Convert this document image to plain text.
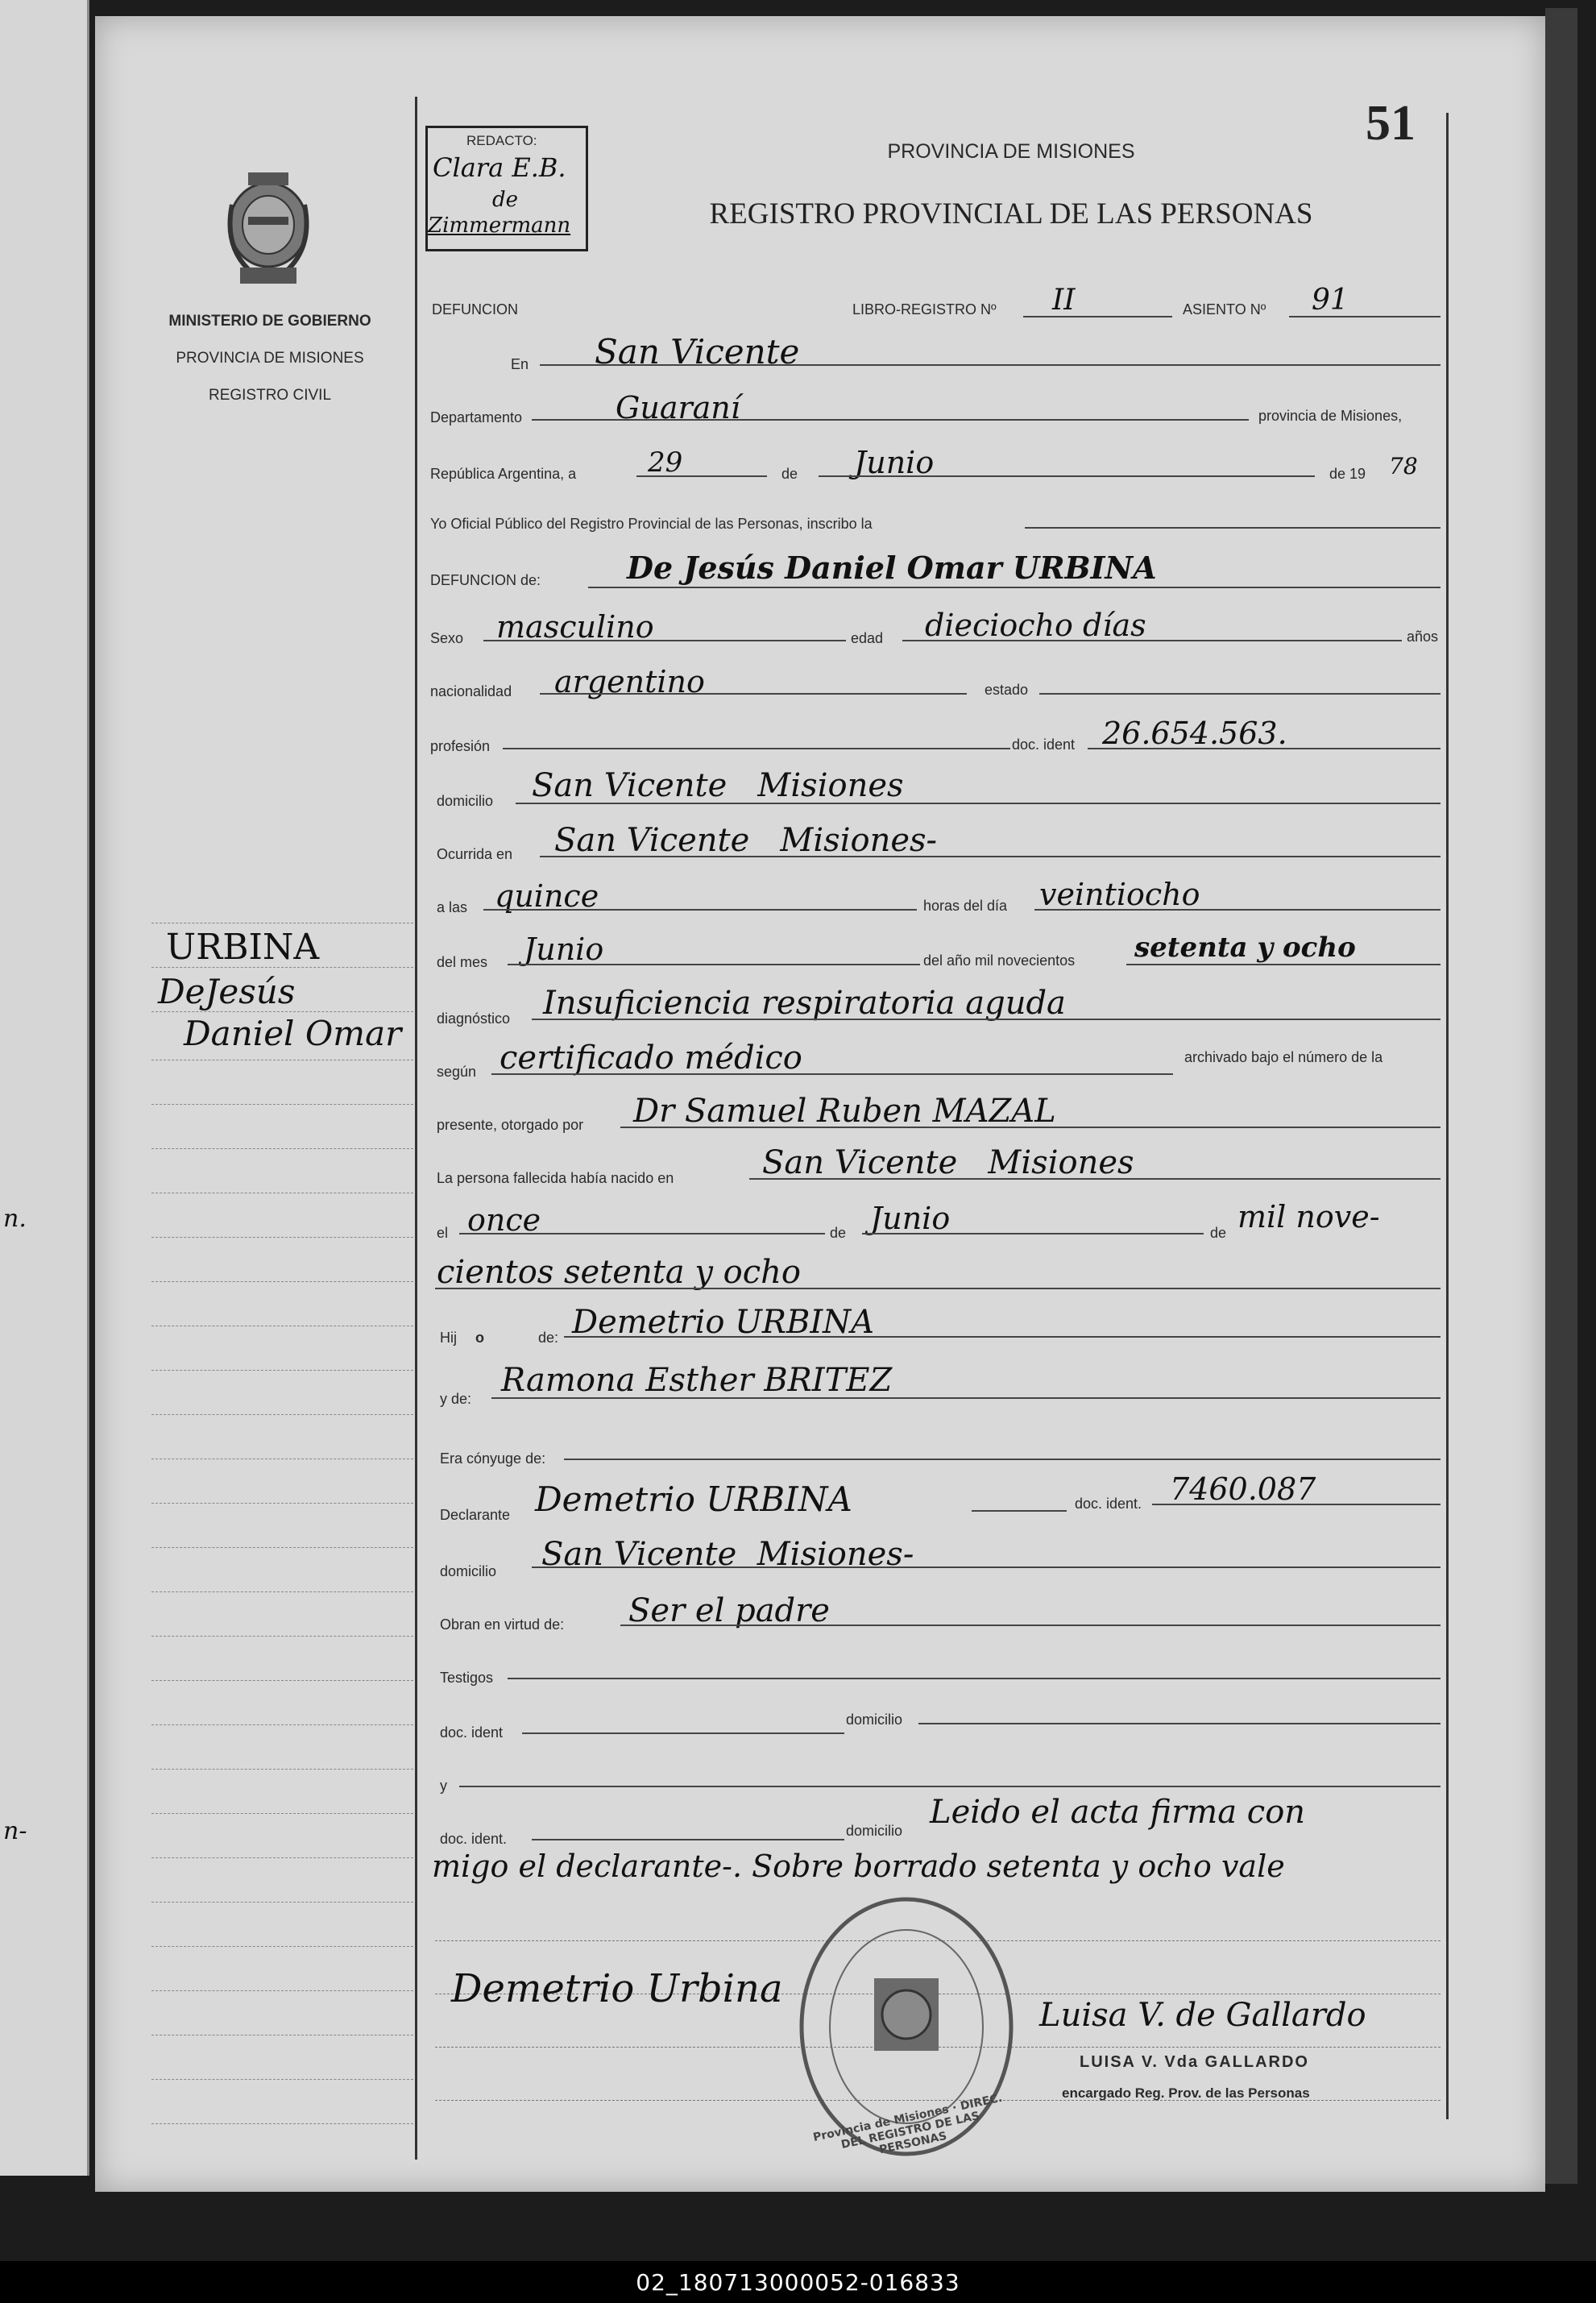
n.
n-
MINISTERIO DE GOBIERNO
PROVINCIA DE MISIONES
REGISTRO CIVIL
REDACTO:
Clara E.B.
de
Zimmermann
51
PROVINCIA DE MISIONES
REGISTRO PROVINCIAL DE LAS PERSONAS
DEFUNCION	LIBRO-REGISTRO Nº II	ASIENTO Nº 91
En San Vicente
Departamento	Guaraní	provincia de Misiones,
República Argentina, a	29	de Junio	de 19 78
Yo Oficial Público del Registro Provincial de las Personas, inscribo la
DEFUNCION de:	De Jesús Daniel Omar URBINA
Sexo masculino	edad dieciocho días	años
nacionalidad argentino	estado
profesión	doc. ident 26.654.563.
domicilio San Vicente   Misiones
Ocurrida en San Vicente   Misiones-
a las quince	horas del día veintiocho
del mes Junio	del año mil novecientos setenta y ocho
diagnóstico Insuficiencia respiratoria aguda
según certificado médico	archivado bajo el número de la
presente, otorgado por Dr Samuel Ruben MAZAL
La persona fallecida había nacido en	San Vicente   Misiones
el once	de Junio	de mil nove-
cientos setenta y ocho
Hij o	de: Demetrio URBINA
y de: Ramona Esther BRITEZ
Era cónyuge de:
Declarante Demetrio URBINA	doc. ident. 7460.087
domicilio San Vicente  Misiones-
Obran en virtud de: Ser el padre
Testigos
doc. ident
domicilio
y
doc. ident.	domicilio Leido el acta firma con
migo el declarante-. Sobre borrado setenta y ocho vale
URBINA
DeJesús
Daniel Omar
Demetrio Urbina
Provincia de Misiones · DIREC. DEL REGISTRO DE LAS PERSONAS
Luisa V. de Gallardo
LUISA V. Vda GALLARDO
encargado Reg. Prov. de las Personas
02_180713000052-016833
